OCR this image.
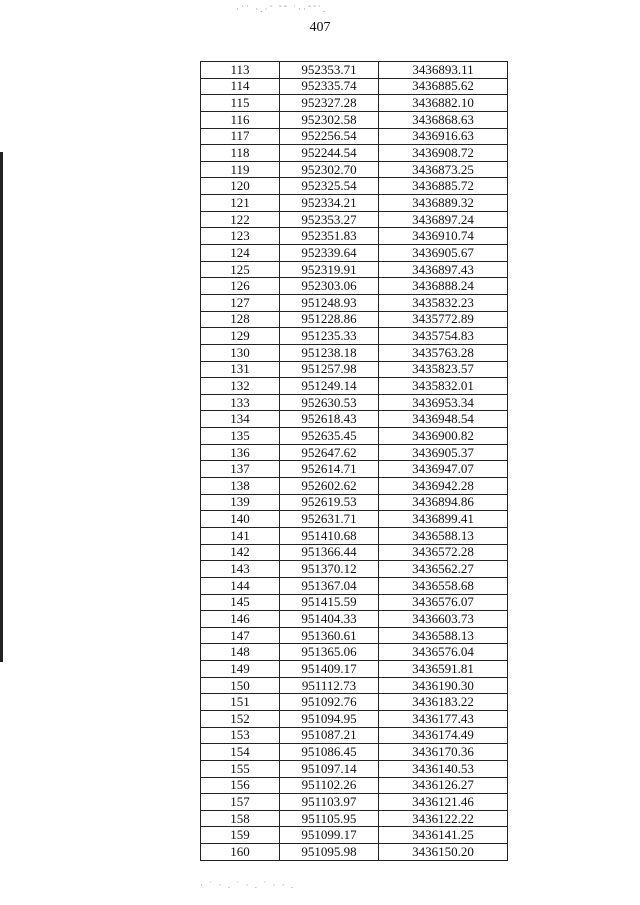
·˙˙ ·.·˜ ˜ˆ ˙··ˆ˜˙.
· ˙ · . ˙ · . ˙ · · .
407
113	952353.71	3436893.11
114	952335.74	3436885.62
115	952327.28	3436882.10
116	952302.58	3436868.63
117	952256.54	3436916.63
118	952244.54	3436908.72
119	952302.70	3436873.25
120	952325.54	3436885.72
121	952334.21	3436889.32
122	952353.27	3436897.24
123	952351.83	3436910.74
124	952339.64	3436905.67
125	952319.91	3436897.43
126	952303.06	3436888.24
127	951248.93	3435832.23
128	951228.86	3435772.89
129	951235.33	3435754.83
130	951238.18	3435763.28
131	951257.98	3435823.57
132	951249.14	3435832.01
133	952630.53	3436953.34
134	952618.43	3436948.54
135	952635.45	3436900.82
136	952647.62	3436905.37
137	952614.71	3436947.07
138	952602.62	3436942.28
139	952619.53	3436894.86
140	952631.71	3436899.41
141	951410.68	3436588.13
142	951366.44	3436572.28
143	951370.12	3436562.27
144	951367.04	3436558.68
145	951415.59	3436576.07
146	951404.33	3436603.73
147	951360.61	3436588.13
148	951365.06	3436576.04
149	951409.17	3436591.81
150	951112.73	3436190.30
151	951092.76	3436183.22
152	951094.95	3436177.43
153	951087.21	3436174.49
154	951086.45	3436170.36
155	951097.14	3436140.53
156	951102.26	3436126.27
157	951103.97	3436121.46
158	951105.95	3436122.22
159	951099.17	3436141.25
160	951095.98	3436150.20
